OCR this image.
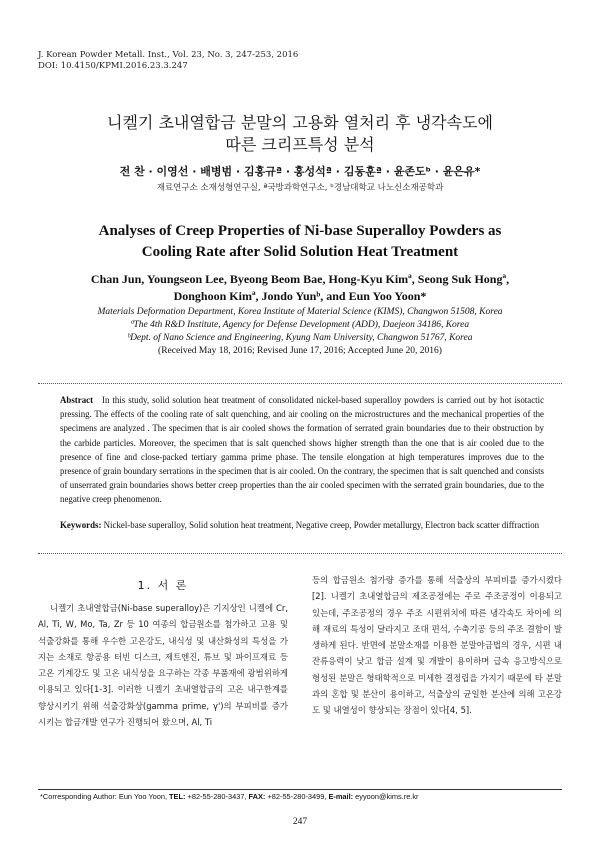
J. Korean Powder Metall. Inst., Vol. 23, No. 3, 247-253, 2016
DOI: 10.4150/KPMI.2016.23.3.247
니켈기 초내열합금 분말의 고용화 열처리 후 냉각속도에
따른 크리프특성 분석
전 찬 · 이영선 · 배병범 · 김홍규ª · 홍성석ª · 김동훈ª · 윤존도ᵇ · 윤은유*
재료연구소 소재성형연구실, ª국방과학연구소, ᵇ경남대학교 나노신소재공학과
Analyses of Creep Properties of Ni-base Superalloy Powders as
Cooling Rate after Solid Solution Heat Treatment
Chan Jun, Youngseon Lee, Byeong Beom Bae, Hong-Kyu Kimª, Seong Suk Hongª,
Donghoon Kimª, Jondo Yunᵇ, and Eun Yoo Yoon*
Materials Deformation Department, Korea Institute of Material Science (KIMS), Changwon 51508, Korea
ªThe 4th R&D Institute, Agency for Defense Development (ADD), Daejeon 34186, Korea
ᵇDept. of Nano Science and Engineering, Kyung Nam University, Changwon 51767, Korea
(Received May 18, 2016; Revised June 17, 2016; Accepted June 20, 2016)
Abstract In this study, solid solution heat treatment of consolidated nickel-based superalloy powders is carried out by hot isotactic pressing. The effects of the cooling rate of salt quenching, and air cooling on the microstructures and the mechanical properties of the specimens are analyzed . The specimen that is air cooled shows the formation of serrated grain boundaries due to their obstruction by the carbide particles. Moreover, the specimen that is salt quenched shows higher strength than the one that is air cooled due to the presence of fine and close-packed tertiary gamma prime phase. The tensile elongation at high temperatures improves due to the presence of grain boundary serrations in the specimen that is air cooled. On the contrary, the specimen that is salt quenched and consists of unserrated grain boundaries shows better creep properties than the air cooled specimen with the serrated grain boundaries, due to the negative creep phenomenon.
Keywords: Nickel-base superalloy, Solid solution heat treatment, Negative creep, Powder metallurgy, Electron back scatter diffraction
1. 서 론
니켈기 초내열합금(Ni-base superalloy)은 기지상인 니켈에 Cr, Al, Ti, W, Mo, Ta, Zr 등 10 여종의 합금원소를 첨가하고 고용 및 석출강화를 통해 우수한 고온강도, 내식성 및 내산화성의 특성을 가지는 소재로 항공용 터빈 디스크, 제트엔진, 튜브 및 파이프재료 등 고온 기계강도 및 고온 내식성을 요구하는 각종 부품재에 광범위하게 이용되고 있다[1-3]. 이러한 니켈기 초내열합금의 고온 내구한계를 향상시키기 위해 석출강화상(gamma prime, γ')의 부피비를 증가시키는 합금개발 연구가 진행되어 왔으며, Al, Ti
등의 합금원소 첨가량 증가를 통해 석출상의 부피비를 증가시켰다[2]. 니켈기 초내열합금의 제조공정에는 주로 주조공정이 이용되고 있는데, 주조공정의 경우 주조 시편위치에 따른 냉각속도 차이에 의해 재료의 특성이 달라지고 조대 편석, 수축기공 등의 주조 결함이 발생하게 된다. 반면에 분말소재를 이용한 분말야금법의 경우, 시편 내 잔류응력이 낮고 합금 설계 및 개발이 용이하며 급속 응고방식으로 형성된 분말은 형태학적으로 미세한 결정립을 가지기 때문에 타 분말과의 혼합 및 분산이 용이하고, 석출상의 균일한 분산에 의해 고온강도 및 내열성이 향상되는 장점이 있다[4, 5].
*Corresponding Author: Eun Yoo Yoon, TEL: +82-55-280-3437, FAX: +82-55-280-3499, E-mail: eyyoon@kims.re.kr
247
